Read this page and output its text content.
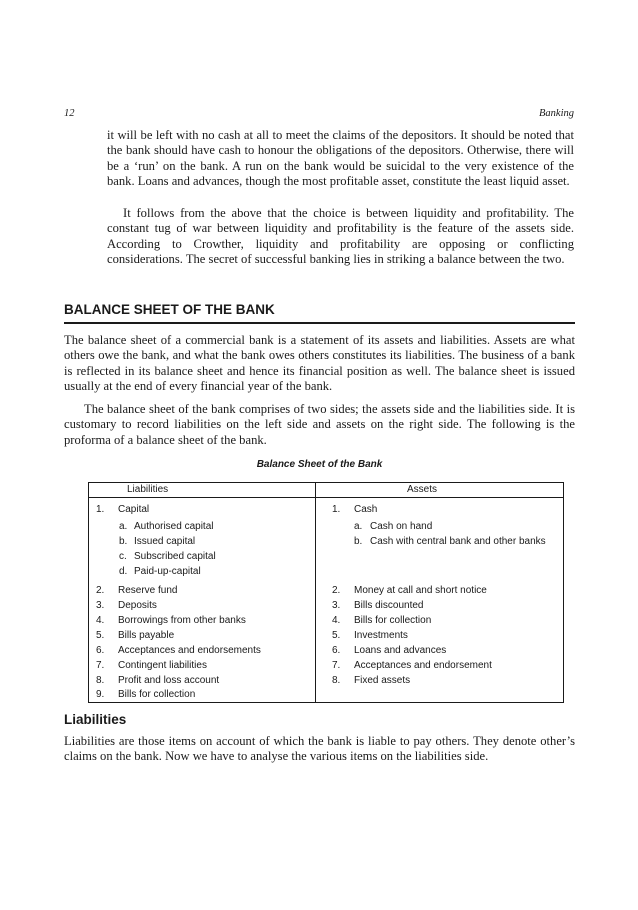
12	Banking

it will be left with no cash at all to meet the claims of the depositors. It should be noted that the bank should have cash to honour the obligations of the depositors. Otherwise, there will be a ‘run’ on the bank. A run on the bank would be suicidal to the very existence of the bank. Loans and advances, though the most profitable asset, constitute the least liquid asset.

It follows from the above that the choice is between liquidity and profitability. The constant tug of war between liquidity and profitability is the feature of the assets side. According to Crowther, liquidity and profitability are opposing or conflicting considerations. The secret of successful banking lies in striking a balance between the two.

BALANCE SHEET OF THE BANK

The balance sheet of a commercial bank is a statement of its assets and liabilities. Assets are what others owe the bank, and what the bank owes others constitutes its liabilities. The business of a bank is reflected in its balance sheet and hence its financial position as well. The balance sheet is issued usually at the end of every financial year of the bank.

The balance sheet of the bank comprises of two sides; the assets side and the liabilities side. It is customary to record liabilities on the left side and assets on the right side. The following is the proforma of a balance sheet of the bank.

Balance Sheet of the Bank
Liabilities	Assets
1. Capital
a. Authorised capital
b. Issued capital
c. Subscribed capital
d. Paid-up-capital
2. Reserve fund
3. Deposits
4. Borrowings from other banks
5. Bills payable
6. Acceptances and endorsements
7. Contingent liabilities
8. Profit and loss account
9. Bills for collection
1. Cash
a. Cash on hand
b. Cash with central bank and other banks
2. Money at call and short notice
3. Bills discounted
4. Bills for collection
5. Investments
6. Loans and advances
7. Acceptances and endorsement
8. Fixed assets
Liabilities

Liabilities are those items on account of which the bank is liable to pay others. They denote other’s claims on the bank. Now we have to analyse the various items on the liabilities side.
